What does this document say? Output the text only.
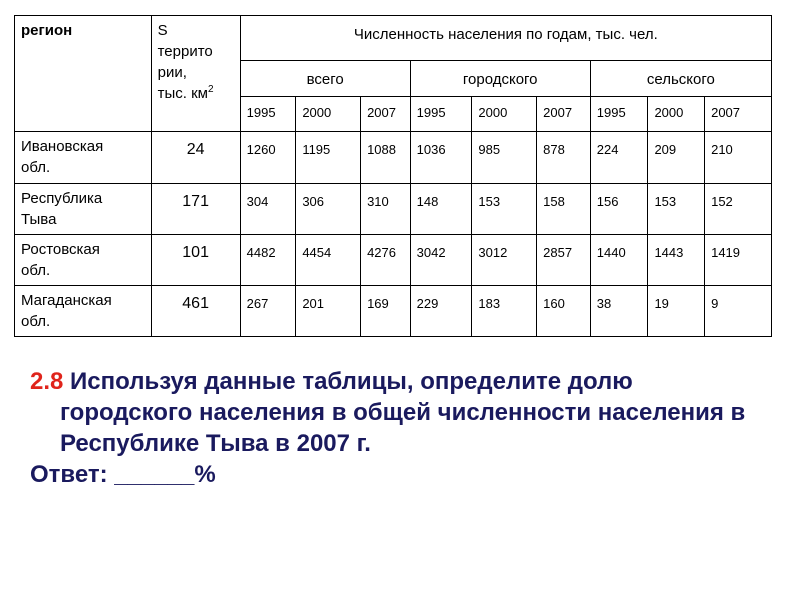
регион	S
террито
рии,
тыс. $км^2$	Численность населения по годам, тыс. чел.								
		всего			городского			сельского		
		1995	2000	2007	1995	2000	2007	1995	2000	2007
Ивановская
обл.	24	1260	1195	1088	1036	985	878	224	209	210
Республика
Тыва	171	304	306	310	148	153	158	156	153	152
Ростовская
обл.	101	4482	4454	4276	3042	3012	2857	1440	1443	1419
Магаданская
обл.	461	267	201	169	229	183	160	38	19	9

2.8 Используя данные таблицы, определите долю городского населения в общей численности населения в Республике Тыва в 2007 г.

Ответ: ______%
